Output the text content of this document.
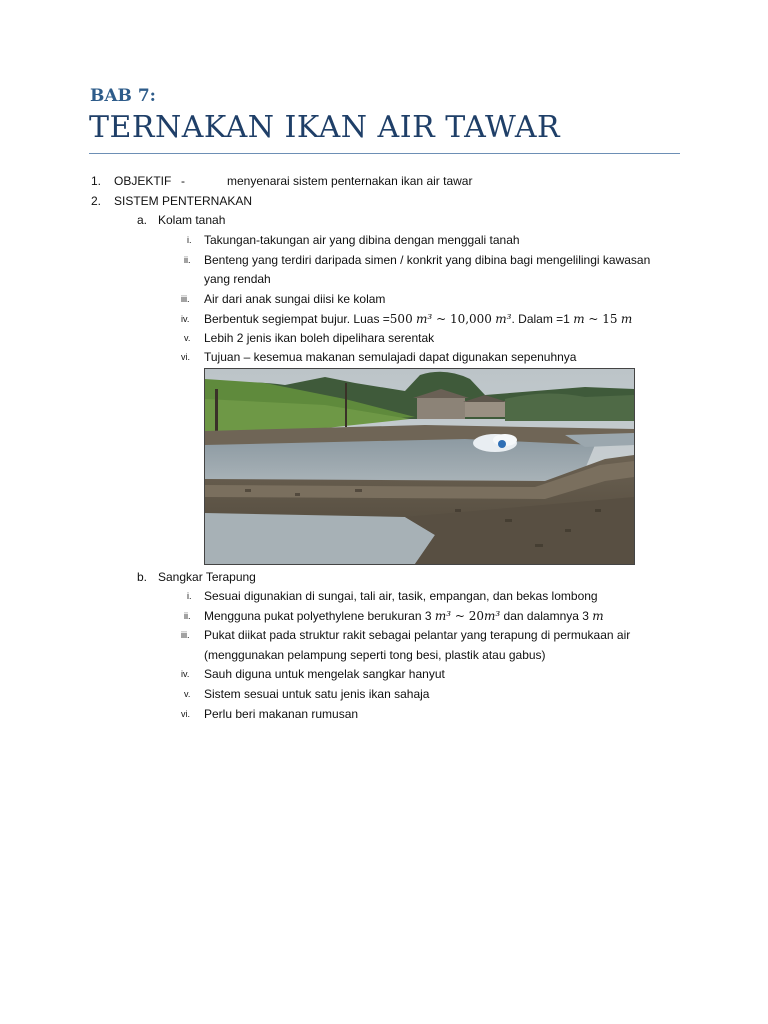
BAB 7:
TERNAKAN IKAN AIR TAWAR
1. OBJEKTIF -	menyenarai sistem penternakan ikan air tawar
2. SISTEM PENTERNAKAN
a. Kolam tanah
i.	Takungan-takungan air yang dibina dengan menggali tanah
ii.	Benteng yang terdiri daripada simen / konkrit yang dibina bagi mengelilingi kawasan
yang rendah
iii.	Air dari anak sungai diisi ke kolam
iv.	Berbentuk segiempat bujur. Luas =500 m³ ~ 10,000 m³. Dalam =1 m ~ 15 m
v.	Lebih 2 jenis ikan boleh dipelihara serentak
vi.	Tujuan – kesemua makanan semulajadi dapat digunakan sepenuhnya
b. Sangkar Terapung
i.	Sesuai digunakian di sungai, tali air, tasik, empangan, dan bekas lombong
ii.	Mengguna pukat polyethylene berukuran 3 m³ ~ 20m³ dan dalamnya 3 m
iii.	Pukat diikat pada struktur rakit sebagai pelantar yang terapung di permukaan air
(menggunakan pelampung seperti tong besi, plastik atau gabus)
iv.	Sauh diguna untuk mengelak sangkar hanyut
v.	Sistem sesuai untuk satu jenis ikan sahaja
vi.	Perlu beri makanan rumusan
